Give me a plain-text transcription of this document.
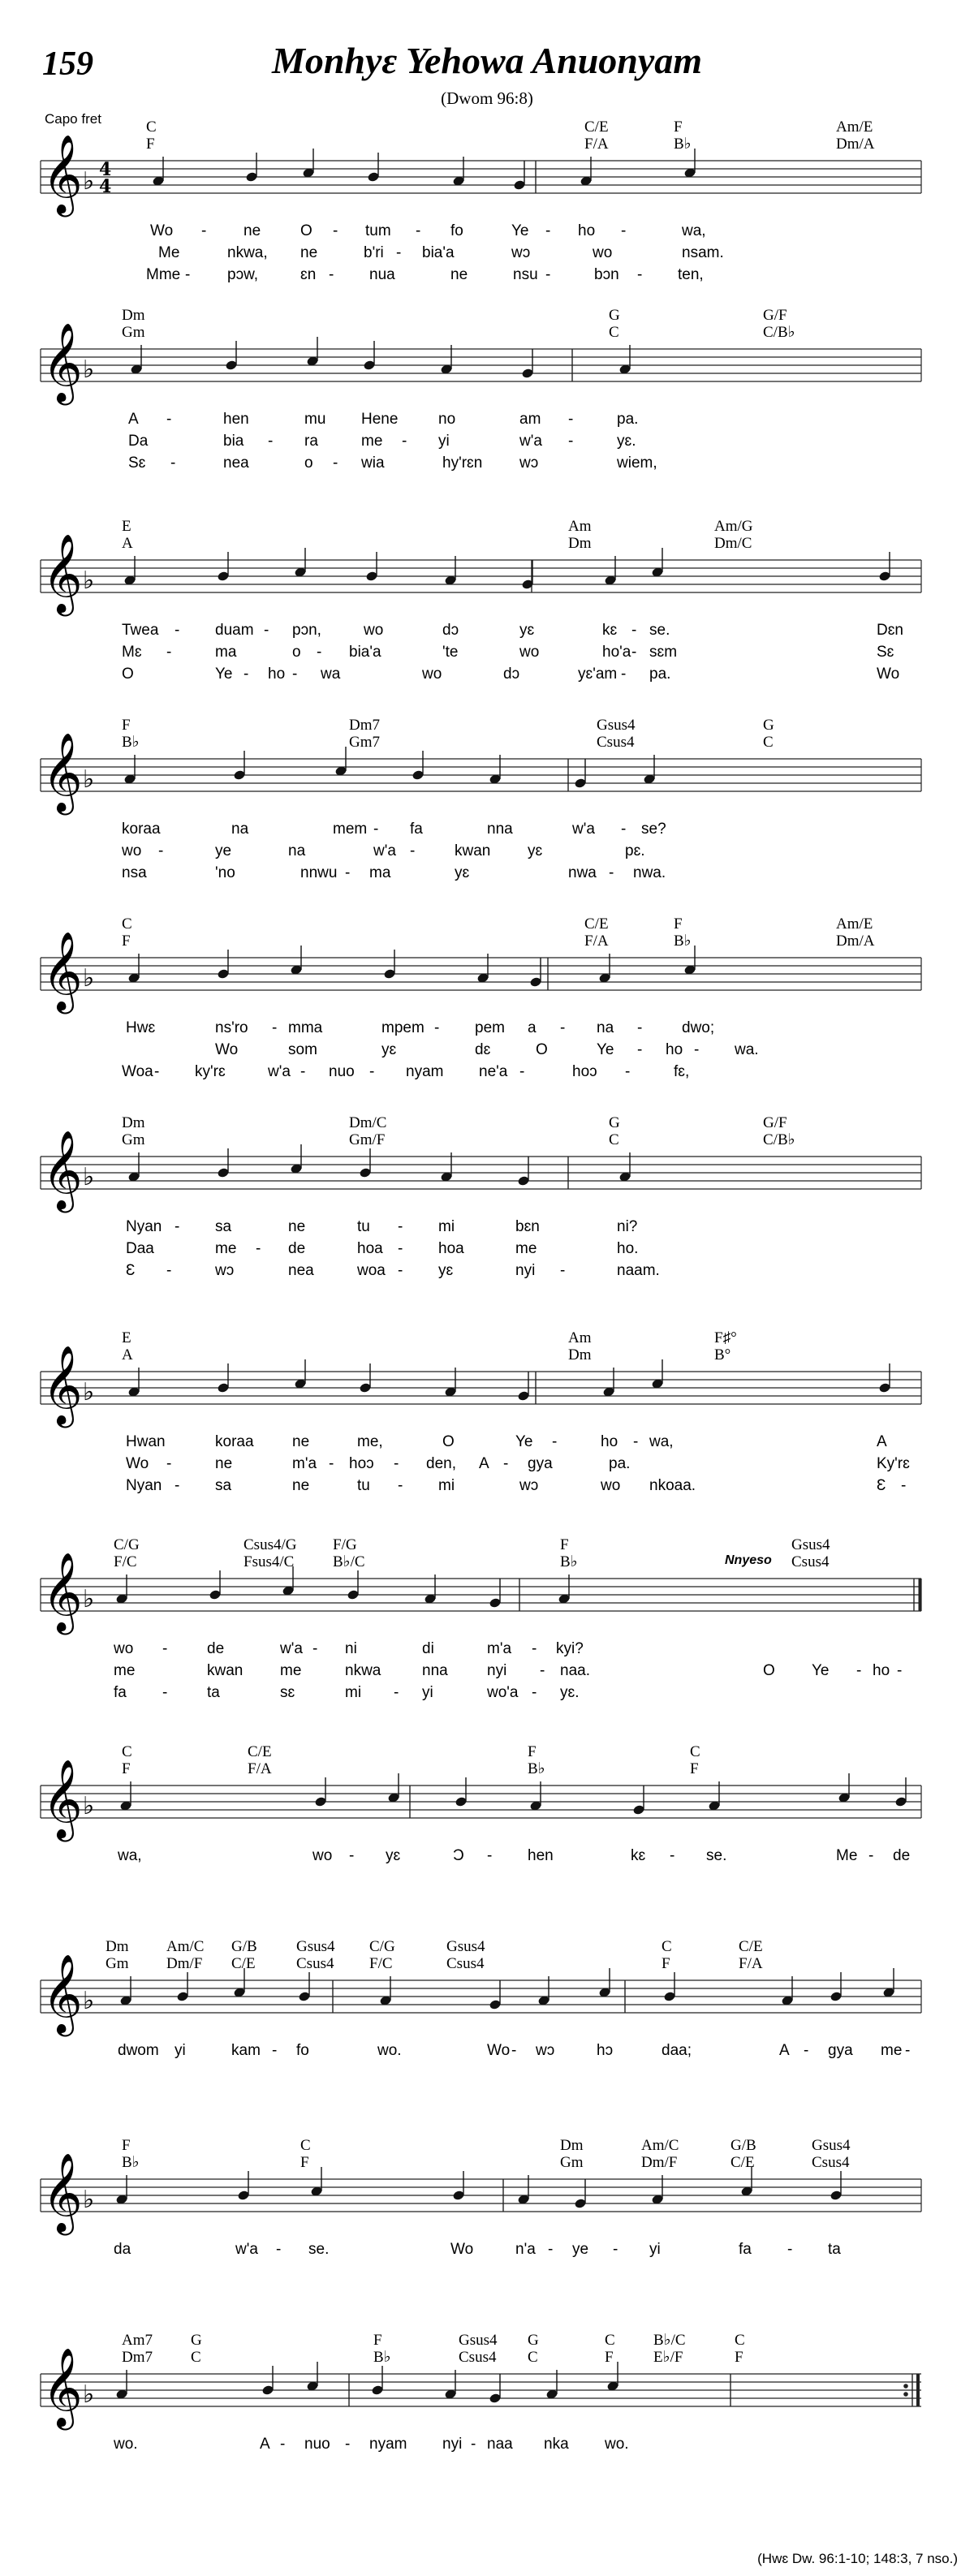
159	Monhyɛ Yehowa Anuonyam
(Dwom 96:8)
Capo fret	C	C/E	F	Am/E
F	F/A	B♭	Dm/A
𝄞 ♭ 4
4
Wo - ne	O - tum - fo	Ye - ho -	wa,
Me	nkwa, ne	b'ri - bia'a	wɔ	wo	nsam.
Mme - pɔw,	ɛn - nua	ne	nsu -	bɔn - ten,
Dm	G	G/F
Gm	C	C/B♭
𝄞 ♭
A -	hen	mu Hene	no	am -	pa.
Da	bia - ra	me - yi	w'a -	yɛ.
Sɛ -	nea	o - wia	hy'rɛn wɔ	wiem,
E	Am	Am/G
A	Dm	Dm/C
𝄞 ♭
Twea - duam - pɔn,	wo	dɔ	yɛ	kɛ - se.	Dɛn
Mɛ -	ma	o - bia'a	'te	wo	ho'a - sɛm	Sɛ
O	Ye - ho - wa	wo	dɔ	yɛ'am - pa.	Wo
F	Dm7	Gsus4	G
B♭	Gm7	Csus4	C
𝄞 ♭
koraa	na	mem - fa	nna	w'a - se?
wo -	ye	na	w'a -	kwan yɛ	pɛ.
nsa	'no	nnwu - ma	yɛ	nwa - nwa.
C	C/E	F	Am/E
F	F/A	B♭	Dm/A
𝄞 ♭
Hwɛ	ns'ro - mma	mpem - pem a - na -	dwo;
Wo	som	yɛ	dɛ	O	Ye - ho - wa.
Woa - ky'rɛ	w'a - nuo - nyam ne'a -	hoɔ -	fɛ,
Dm	Dm/C	G	G/F
Gm	Gm/F	C	C/B♭
𝄞 ♭
Nyan - sa	ne	tu - mi	bɛn	ni?
Daa	me - de	hoa - hoa	me	ho.
Ɛ -	wɔ	nea	woa - yɛ	nyi -	naam.
E	Am	F♯°
A	Dm	B°
𝄞 ♭
Hwan	koraa ne	me,	O	Ye -	ho - wa,	A
Wo -	ne	m'a - hoɔ - den, A - gya	pa.	Ky'rɛ
Nyan - sa	ne	tu - mi	wɔ	wo nkoaa.	Ɛ -
C/G	Csus4/G F/G	F	Gsus4
F/C	Fsus4/C	B♭/C	B♭	Csus4
Nnyeso
𝄞 ♭
wo -	de	w'a - ni	di	m'a - kyi?
me	kwan me	nkwa	nna	nyi - naa.	O Ye - ho -
fa -	ta	sɛ	mi - yi	wo'a - yɛ.
C	C/E	F	C
F	F/A	B♭	F
𝄞 ♭
wa,	wo - yɛ	Ɔ - hen	kɛ - se.	Me - de
Dm Am/C G/B	Gsus4 C/G	Gsus4	C	C/E
Gm Dm/F C/E	Csus4 F/C	Csus4	F	F/A
𝄞 ♭
dwom yi	kam - fo	wo.	Wo - wɔ	hɔ	daa;	A - gya me -
F	C	Dm	Am/C	G/B	Gsus4
B♭	F	Gm	Dm/F	C/E	Csus4
𝄞 ♭
da	w'a - se.	Wo	n'a - ye - yi	fa - ta
Am7 G	F	Gsus4 G	C B♭/C	C
Dm7 C	B♭	Csus4 C	F	E♭/F	F
𝄞 ♭
wo.	A - nuo - nyam nyi - naa nka wo.
(Hwɛ Dw. 96:1-10; 148:3, 7 nso.)
